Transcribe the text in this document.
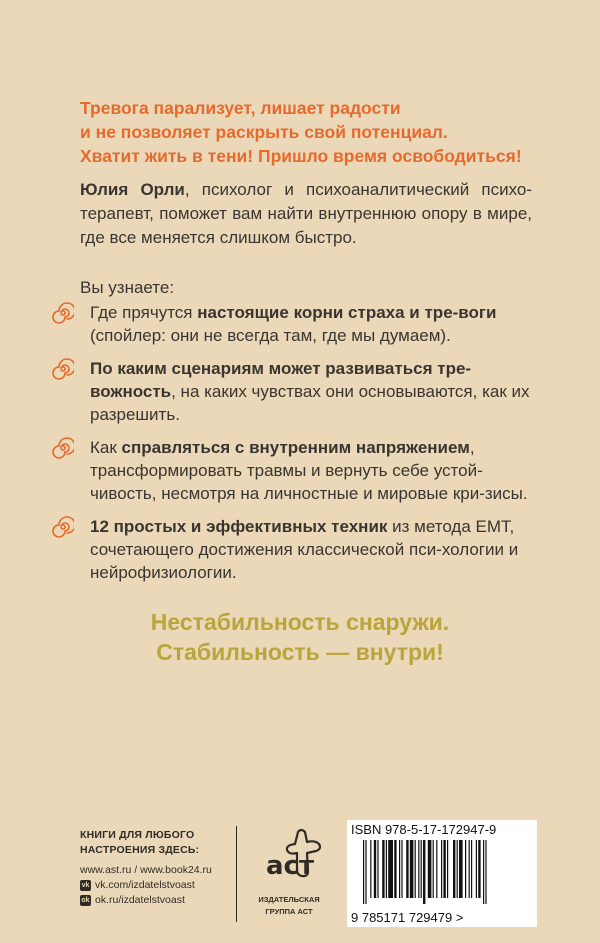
Тревога парализует, лишает радости
и не позволяет раскрыть свой потенциал.
Хватит жить в тени! Пришло время освободиться!
Юлия Орли, психолог и психоаналитический психо-терапевт, поможет вам найти внутреннюю опору в мире, где все меняется слишком быстро.
Вы узнаете:
Где прячутся настоящие корни страха и тре-воги (спойлер: они не всегда там, где мы думаем).
По каким сценариям может развиваться тре-вожность, на каких чувствах они основываются, как их разрешить.
Как справляться с внутренним напряжением, трансформировать травмы и вернуть себе устой-чивость, несмотря на личностные и мировые кри-зисы.
12 простых и эффективных техник из метода ЕМТ, сочетающего достижения классической пси-хологии и нейрофизиологии.
Нестабильность снаружи.
Стабильность — внутри!
КНИГИ ДЛЯ ЛЮБОГО
НАСТРОЕНИЯ ЗДЕСЬ:
www.ast.ru / www.book24.ru
vk vk.com/izdatelstvoast
ok ok.ru/izdatelstvoast
аст
ИЗДАТЕЛЬСКАЯ
ГРУППА АСТ
ISBN 978-5-17-172947-9
9 785171 729479 >
